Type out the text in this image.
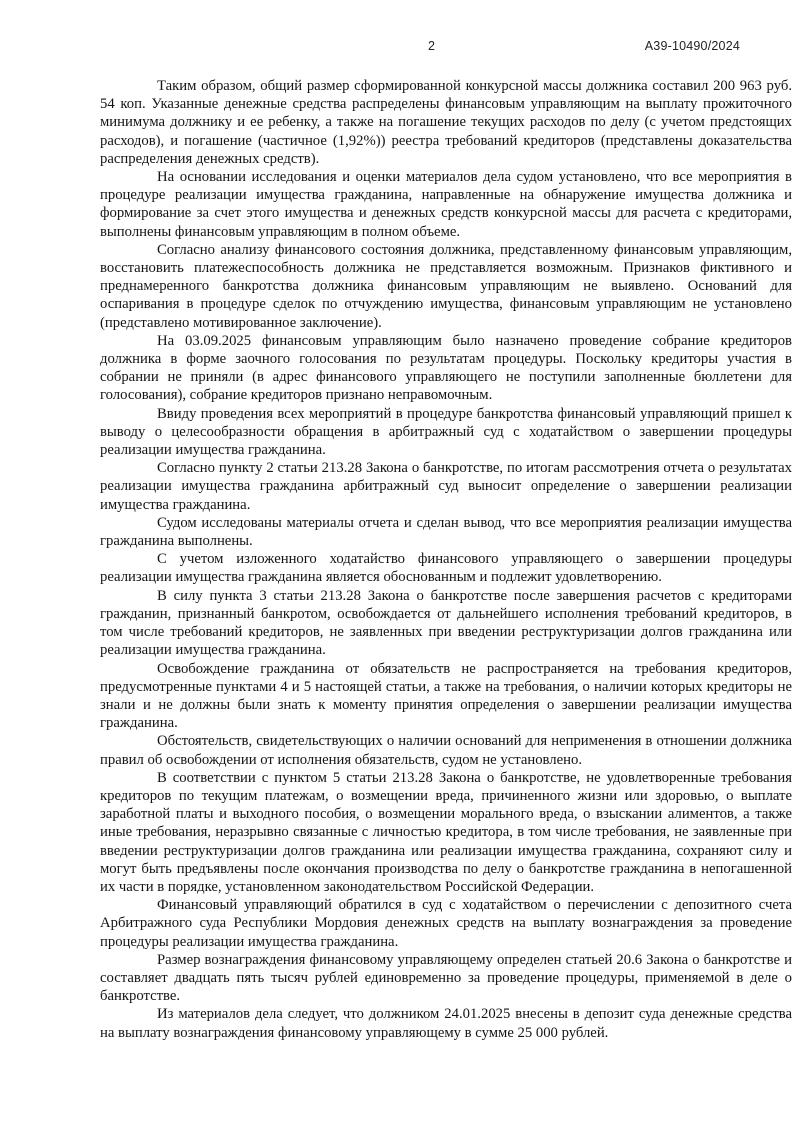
2	А39-10490/2024

Таким образом, общий размер сформированной конкурсной массы должника составил 200 963 руб. 54 коп. Указанные денежные средства распределены финансовым управляющим на выплату прожиточного минимума должнику и ее ребенку, а также на погашение текущих расходов по делу (с учетом предстоящих расходов), и погашение (частичное (1,92%)) реестра требований кредиторов (представлены доказательства распределения денежных средств).

На основании исследования и оценки материалов дела судом установлено, что все мероприятия в процедуре реализации имущества гражданина, направленные на обнаружение имущества должника и формирование за счет этого имущества и денежных средств конкурсной массы для расчета с кредиторами, выполнены финансовым управляющим в полном объеме.

Согласно анализу финансового состояния должника, представленному финансовым управляющим, восстановить платежеспособность должника не представляется возможным. Признаков фиктивного и преднамеренного банкротства должника финансовым управляющим не выявлено. Оснований для оспаривания в процедуре сделок по отчуждению имущества, финансовым управляющим не установлено (представлено мотивированное заключение).

На 03.09.2025 финансовым управляющим было назначено проведение собрание кредиторов должника в форме заочного голосования по результатам процедуры. Поскольку кредиторы участия в собрании не приняли (в адрес финансового управляющего не поступили заполненные бюллетени для голосования), собрание кредиторов признано неправомочным.

Ввиду проведения всех мероприятий в процедуре банкротства финансовый управляющий пришел к выводу о целесообразности обращения в арбитражный суд с ходатайством о завершении процедуры реализации имущества гражданина.

Согласно пункту 2 статьи 213.28 Закона о банкротстве, по итогам рассмотрения отчета о результатах реализации имущества гражданина арбитражный суд выносит определение о завершении реализации имущества гражданина.

Судом исследованы материалы отчета и сделан вывод, что все мероприятия реализации имущества гражданина выполнены.

С учетом изложенного ходатайство финансового управляющего о завершении процедуры реализации имущества гражданина является обоснованным и подлежит удовлетворению.

В силу пункта 3 статьи 213.28 Закона о банкротстве после завершения расчетов с кредиторами гражданин, признанный банкротом, освобождается от дальнейшего исполнения требований кредиторов, в том числе требований кредиторов, не заявленных при введении реструктуризации долгов гражданина или реализации имущества гражданина.

Освобождение гражданина от обязательств не распространяется на требования кредиторов, предусмотренные пунктами 4 и 5 настоящей статьи, а также на требования, о наличии которых кредиторы не знали и не должны были знать к моменту принятия определения о завершении реализации имущества гражданина.

Обстоятельств, свидетельствующих о наличии оснований для неприменения в отношении должника правил об освобождении от исполнения обязательств, судом не установлено.

В соответствии с пунктом 5 статьи 213.28 Закона о банкротстве, не удовлетворенные требования кредиторов по текущим платежам, о возмещении вреда, причиненного жизни или здоровью, о выплате заработной платы и выходного пособия, о возмещении морального вреда, о взыскании алиментов, а также иные требования, неразрывно связанные с личностью кредитора, в том числе требования, не заявленные при введении реструктуризации долгов гражданина или реализации имущества гражданина, сохраняют силу и могут быть предъявлены после окончания производства по делу о банкротстве гражданина в непогашенной их части в порядке, установленном законодательством Российской Федерации.

Финансовый управляющий обратился в суд с ходатайством о перечислении с депозитного счета Арбитражного суда Республики Мордовия денежных средств на выплату вознаграждения за проведение процедуры реализации имущества гражданина.

Размер вознаграждения финансовому управляющему определен статьей 20.6 Закона о банкротстве и составляет двадцать пять тысяч рублей единовременно за проведение процедуры, применяемой в деле о банкротстве.

Из материалов дела следует, что должником 24.01.2025 внесены в депозит суда денежные средства на выплату вознаграждения финансовому управляющему в сумме 25 000 рублей.
